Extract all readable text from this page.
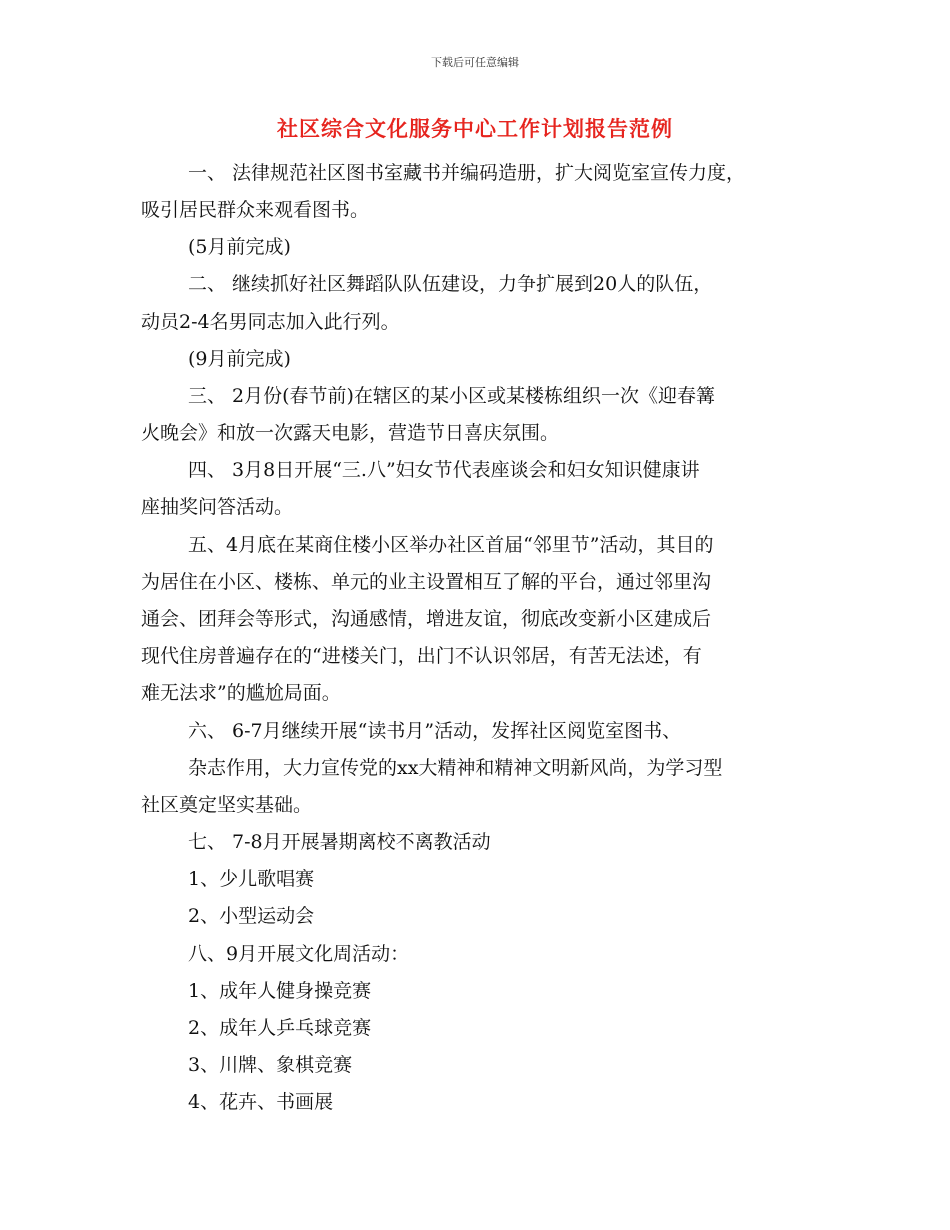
下载后可任意编辑
社区综合文化服务中心工作计划报告范例
一、 法律规范社区图书室藏书并编码造册，扩大阅览室宣传力度，
吸引居民群众来观看图书。
(5月前完成)
二、 继续抓好社区舞蹈队队伍建设，力争扩展到20人的队伍，
动员2-4名男同志加入此行列。
(9月前完成)
三、 2月份(春节前)在辖区的某小区或某楼栋组织一次《迎春篝
火晚会》和放一次露天电影，营造节日喜庆氛围。
四、 3月8日开展“三.八”妇女节代表座谈会和妇女知识健康讲
座抽奖问答活动。
五、4月底在某商住楼小区举办社区首届“邻里节”活动，其目的
为居住在小区、楼栋、单元的业主设置相互了解的平台，通过邻里沟
通会、团拜会等形式，沟通感情，增进友谊，彻底改变新小区建成后
现代住房普遍存在的“进楼关门，出门不认识邻居，有苦无法述，有
难无法求”的尴尬局面。
六、 6-7月继续开展“读书月”活动，发挥社区阅览室图书、
杂志作用，大力宣传党的xx大精神和精神文明新风尚，为学习型
社区奠定坚实基础。
七、 7-8月开展暑期离校不离教活动
1、少儿歌唱赛
2、小型运动会
八、9月开展文化周活动：
1、成年人健身操竞赛
2、成年人乒乓球竞赛
3、川牌、象棋竞赛
4、花卉、书画展
